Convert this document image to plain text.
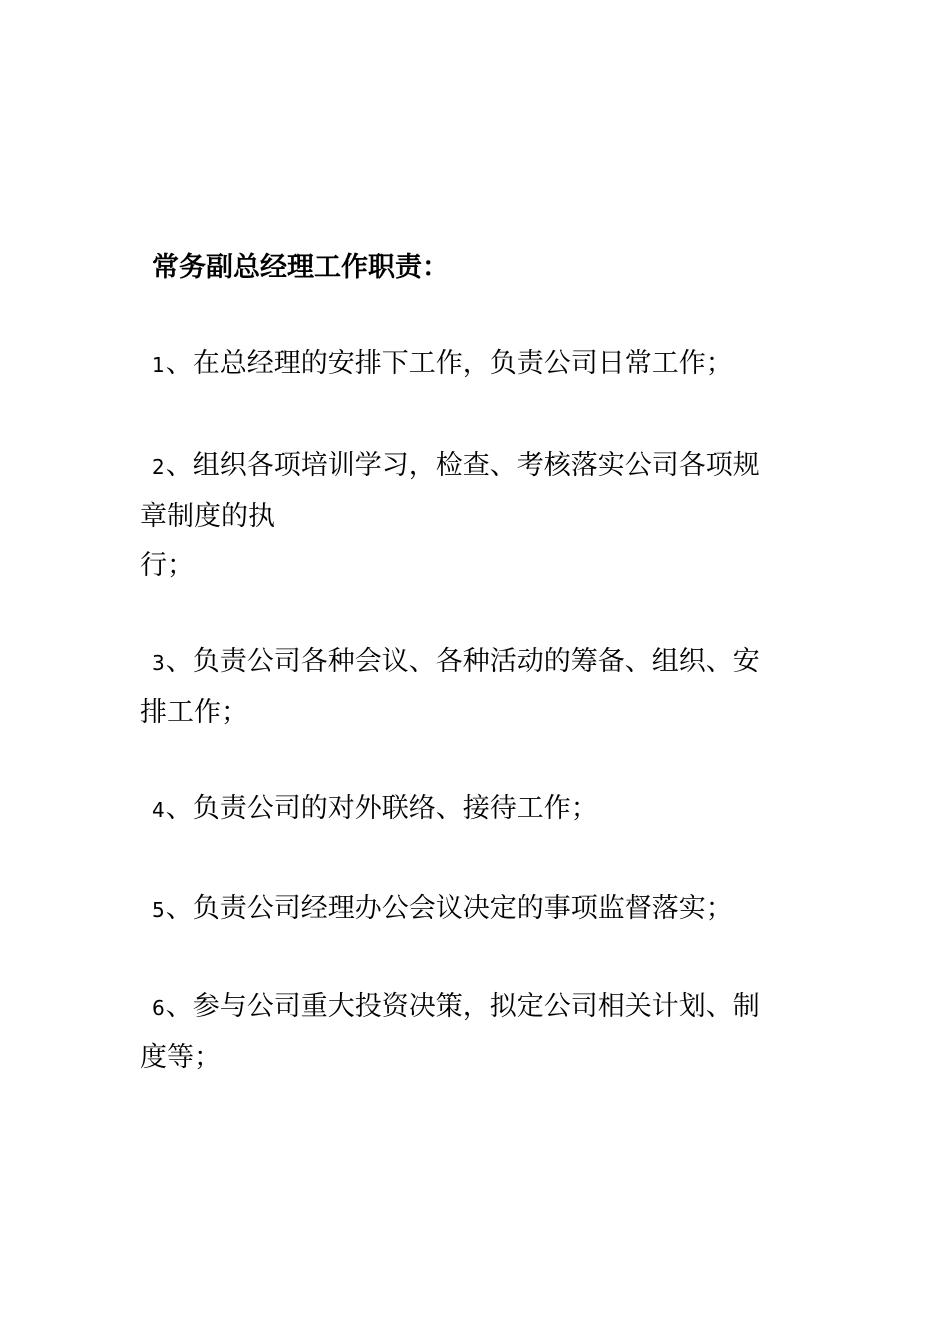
常务副总经理工作职责：
1、在总经理的安排下工作，负责公司日常工作；
2、组织各项培训学习，检查、考核落实公司各项规
章制度的执
行；
3、负责公司各种会议、各种活动的筹备、组织、安
排工作；
4、负责公司的对外联络、接待工作；
5、负责公司经理办公会议决定的事项监督落实；
6、参与公司重大投资决策，拟定公司相关计划、制
度等；
